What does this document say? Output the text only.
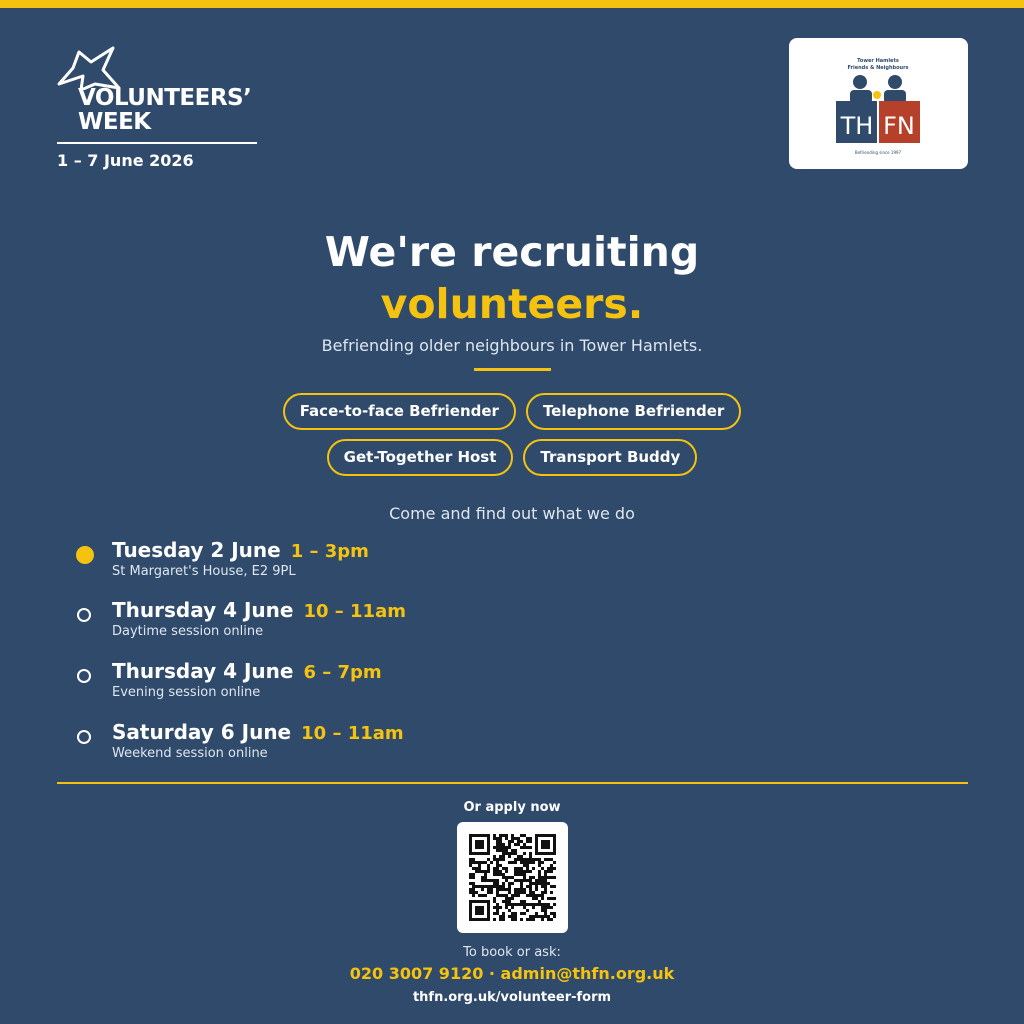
VOLUNTEERS’
WEEK
1 – 7 June 2026
Tower Hamlets
Friends & Neighbours
TH FN
Befriending since 1997
We're recruiting
volunteers.
Befriending older neighbours in Tower Hamlets.
Face-to-face Befriender	Telephone Befriender
Get-Together Host	Transport Buddy
Come and find out what we do
Tuesday 2 June 1 – 3pm
St Margaret's House, E2 9PL
Thursday 4 June 10 – 11am
Daytime session online
Thursday 4 June 6 – 7pm
Evening session online
Saturday 6 June 10 – 11am
Weekend session online
Or apply now
To book or ask:
020 3007 9120 · admin@thfn.org.uk
thfn.org.uk/volunteer-form
